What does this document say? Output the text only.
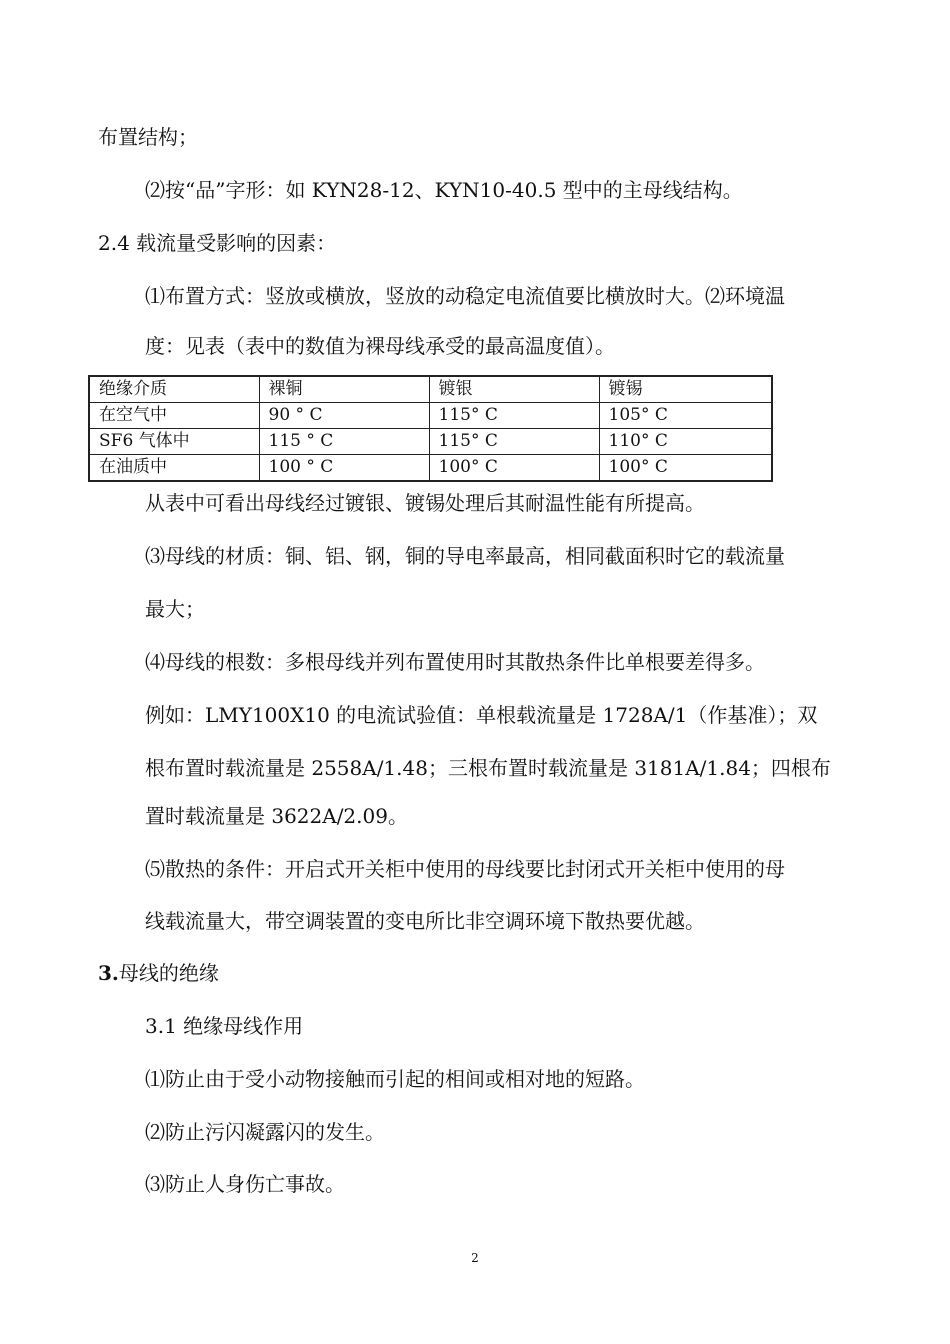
布置结构；
⑵按“品”字形：如 KYN28-12、KYN10-40.5 型中的主母线结构。
2.4 载流量受影响的因素：
⑴布置方式：竖放或横放，竖放的动稳定电流值要比横放时大。⑵环境温
度：见表（表中的数值为裸母线承受的最高温度值）。
绝缘介质	裸铜	镀银	镀锡
在空气中	90 ° C	115° C	105° C
SF6 气体中	115 ° C	115° C	110° C
在油质中	100 ° C	100° C	100° C
从表中可看出母线经过镀银、镀锡处理后其耐温性能有所提高。
⑶母线的材质：铜、铝、钢，铜的导电率最高，相同截面积时它的载流量
最大；
⑷母线的根数：多根母线并列布置使用时其散热条件比单根要差得多。
例如：LMY100X10 的电流试验值：单根载流量是 1728A/1（作基准）；双
根布置时载流量是 2558A/1.48；三根布置时载流量是 3181A/1.84；四根布
置时载流量是 3622A/2.09。
⑸散热的条件：开启式开关柜中使用的母线要比封闭式开关柜中使用的母
线载流量大，带空调装置的变电所比非空调环境下散热要优越。
3.母线的绝缘
3.1 绝缘母线作用
⑴防止由于受小动物接触而引起的相间或相对地的短路。
⑵防止污闪凝露闪的发生。
⑶防止人身伤亡事故。
2
